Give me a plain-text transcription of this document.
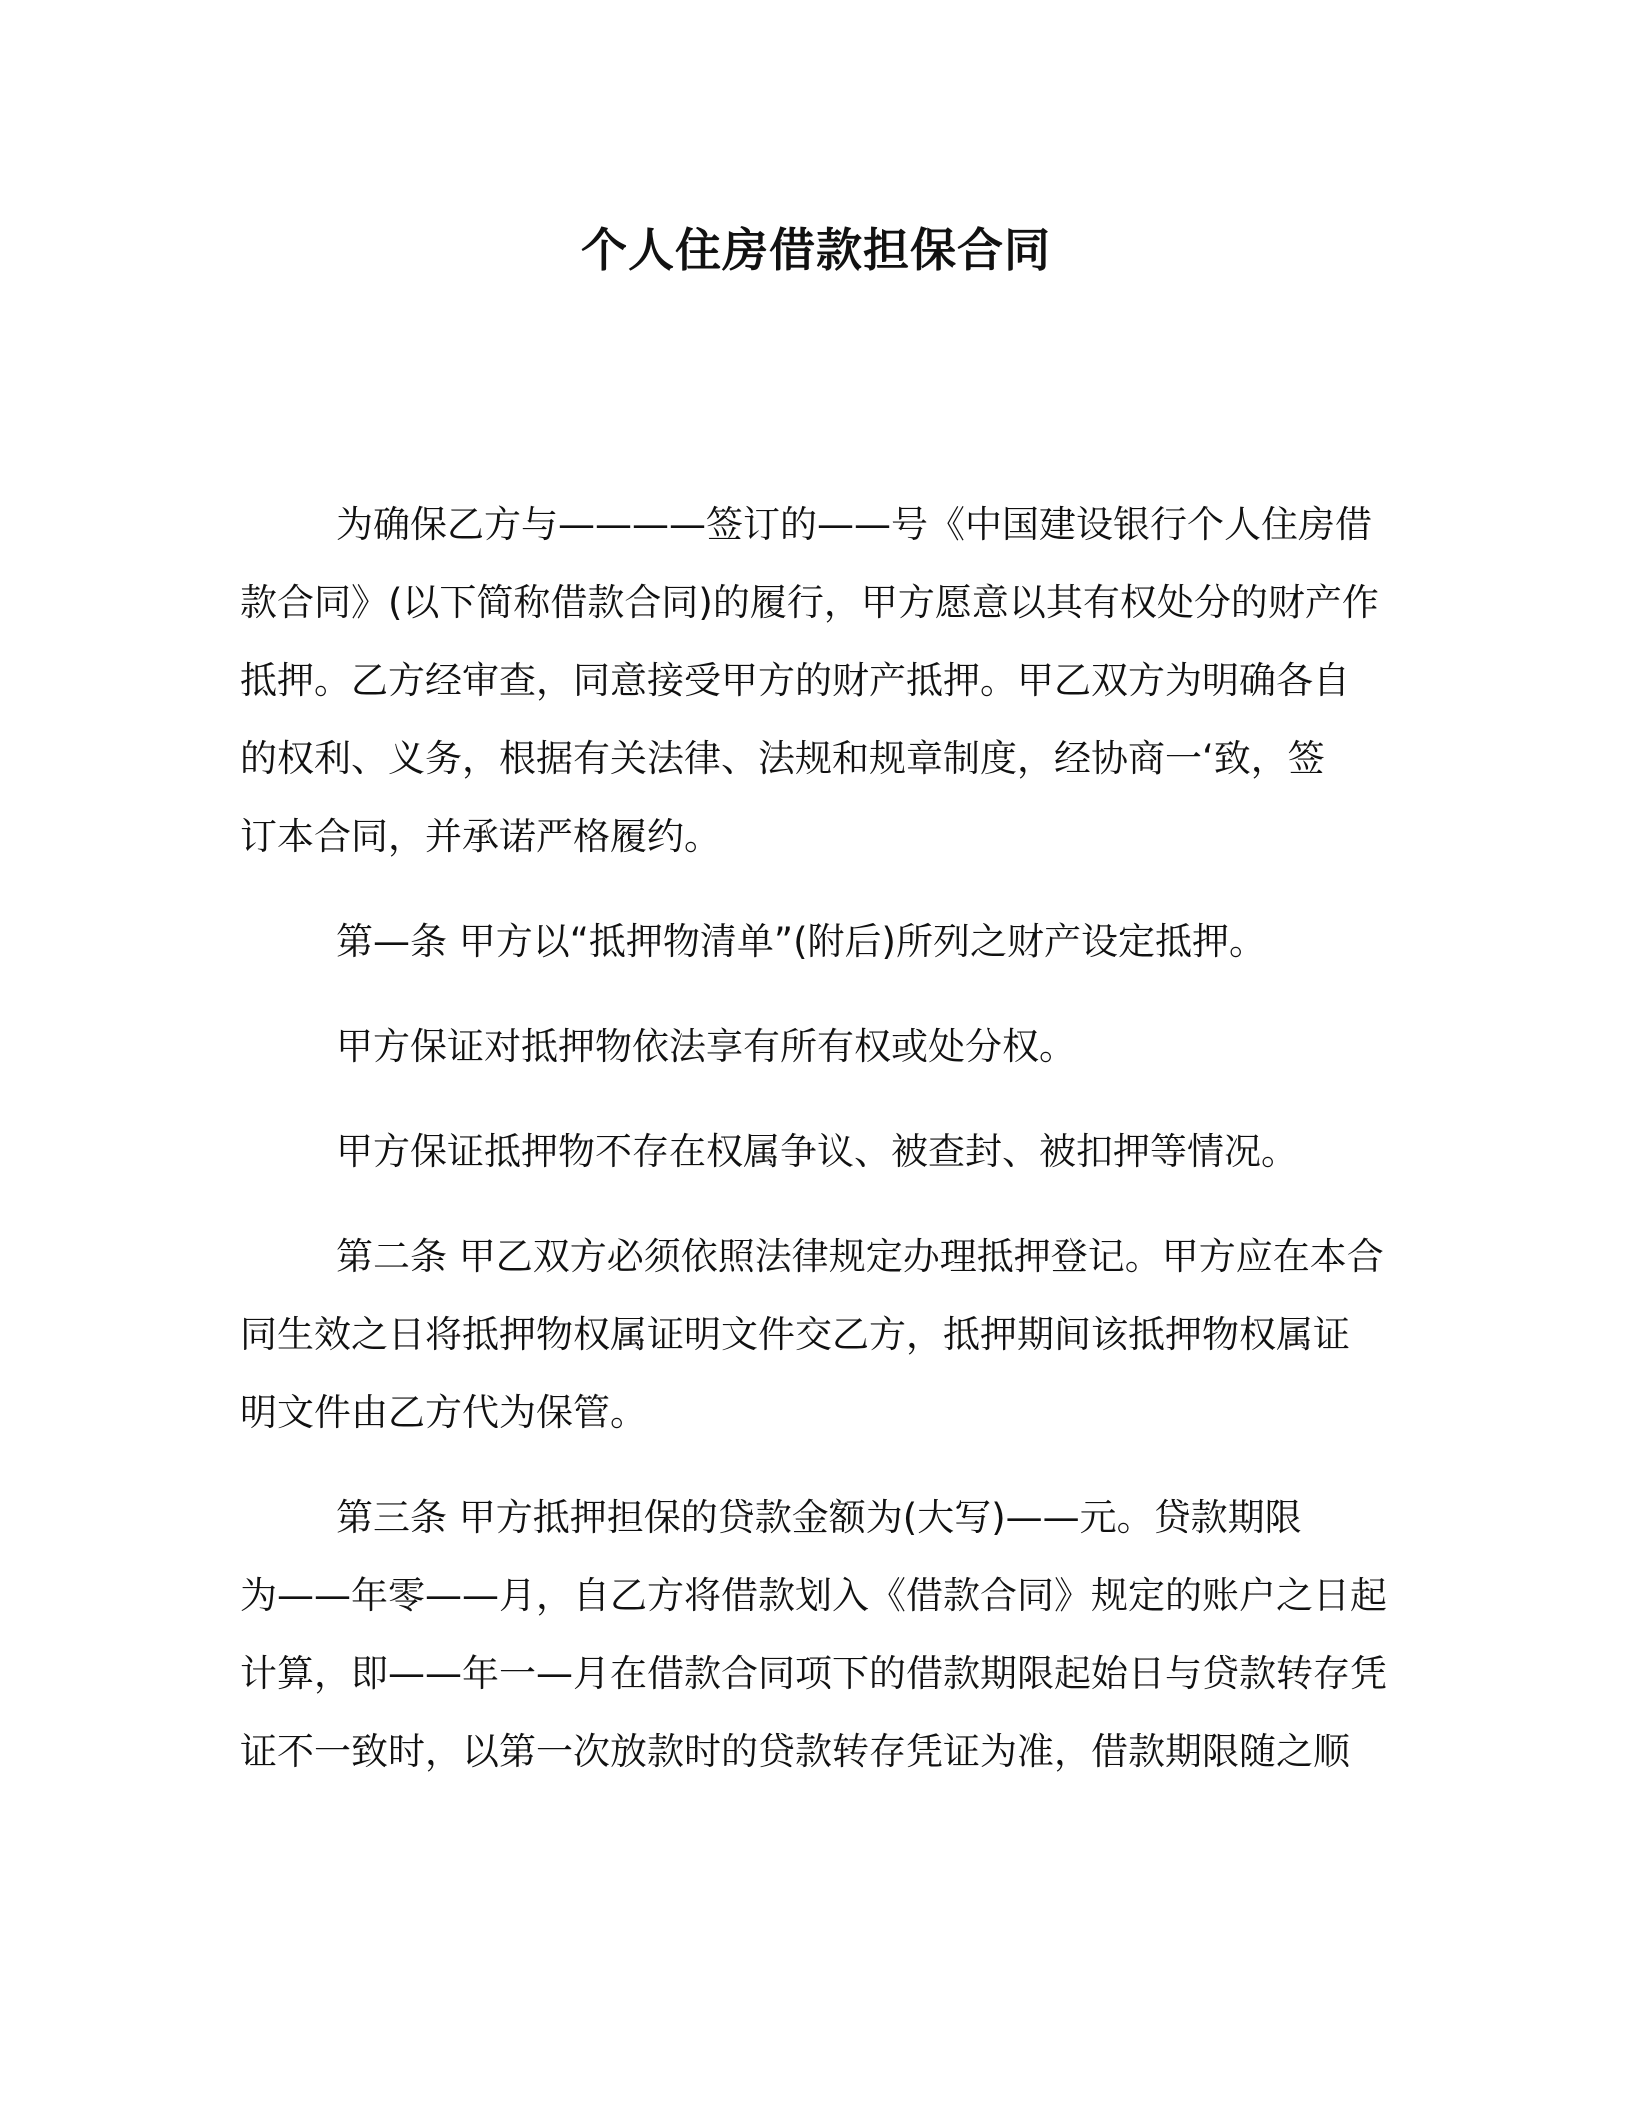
个人住房借款担保合同

为确保乙方与————签订的——号《中国建设银行个人住房借
款合同》(以下简称借款合同)的履行，甲方愿意以其有权处分的财产作
抵押。乙方经审查，同意接受甲方的财产抵押。甲乙双方为明确各自
的权利、义务，根据有关法律、法规和规章制度，经协商一‘致，签
订本合同，并承诺严格履约。

第—条 甲方以“抵押物清单”(附后)所列之财产设定抵押。

甲方保证对抵押物依法享有所有权或处分权。

甲方保证抵押物不存在权属争议、被查封、被扣押等情况。

第二条 甲乙双方必须依照法律规定办理抵押登记。甲方应在本合
同生效之日将抵押物权属证明文件交乙方，抵押期间该抵押物权属证
明文件由乙方代为保管。

第三条 甲方抵押担保的贷款金额为(大写)——元。贷款期限
为——年零——月，自乙方将借款划入《借款合同》规定的账户之日起
计算，即——年一—月在借款合同项下的借款期限起始日与贷款转存凭
证不一致时，以第一次放款时的贷款转存凭证为准，借款期限随之顺
